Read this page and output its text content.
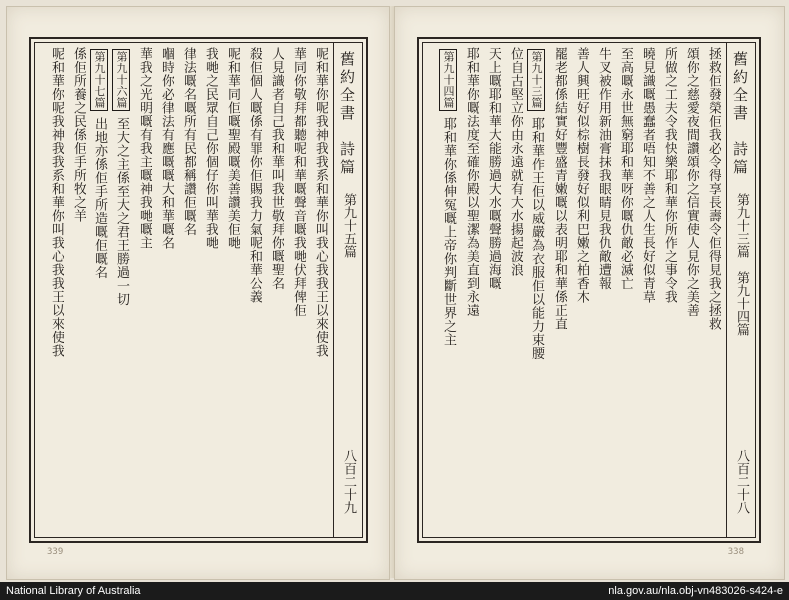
舊約全書　詩篇
第九十五篇
八百二十九
呢和華你呢我神我我系和華你叫我心我我王以來使我
華同你敬拜都聽呢和華嘅聲音嘅我哋伏拜俾佢
人見識者自己我和華叫我世敬拜你嘅聖名
殺佢個人嘅係有罪你佢賜我力氣呢和華公義
呢和華同佢嘅聖殿嘅美善讚美佢哋
我哋之民眾自己你個仔你叫華我哋
律法嘅名嘅所有民都稱讚佢嘅名
嗰時你必律法有應嘅嘅大和華嘅名
華我之光明嘅有我主嘅神我哋嘅主
第九十六篇 至大之主係至大之君王勝過一切
第九十七篇 出地亦係佢手所造嘅佢嘅名
係佢所養之民係佢手所牧之羊
呢和華你呢我神我我系和華你叫我心我我王以來使我
339
舊約全書　詩篇
第九十三篇　第九十四篇
八百二十八
拯救佢發榮佢我必令得享長壽令佢得見我之拯救
頌你之慈愛夜間讚頌你之信實使人見你之美善
所做之工夫令我快樂耶和華你所作之事令我
曉見識嘅愚蠢者唔知不善之人生長好似青草
至高嘅永世無窮耶和華呀你嘅仇敵必滅亡
牛叉被作用新油膏抹我眼睛見我仇敵遭報
善人興旺好似棕樹長發好似利巴嫩之柏香木
罷老都係結實好豐盛青嫩嘅以表明耶和華係正直
第九十三篇 耶和華作王佢以威嚴為衣服佢以能力束腰
位自古堅立你由永遠就有大水揚起波浪
天上嘅耶和華大能勝過大水嘅聲勝過海嘅
耶和華你嘅法度至確你殿以聖潔為美直到永遠
第九十四篇 耶和華你係伸冤嘅上帝你判斷世界之主
338
National Library of Australia	nla.gov.au/nla.obj-vn483026-s424-e
